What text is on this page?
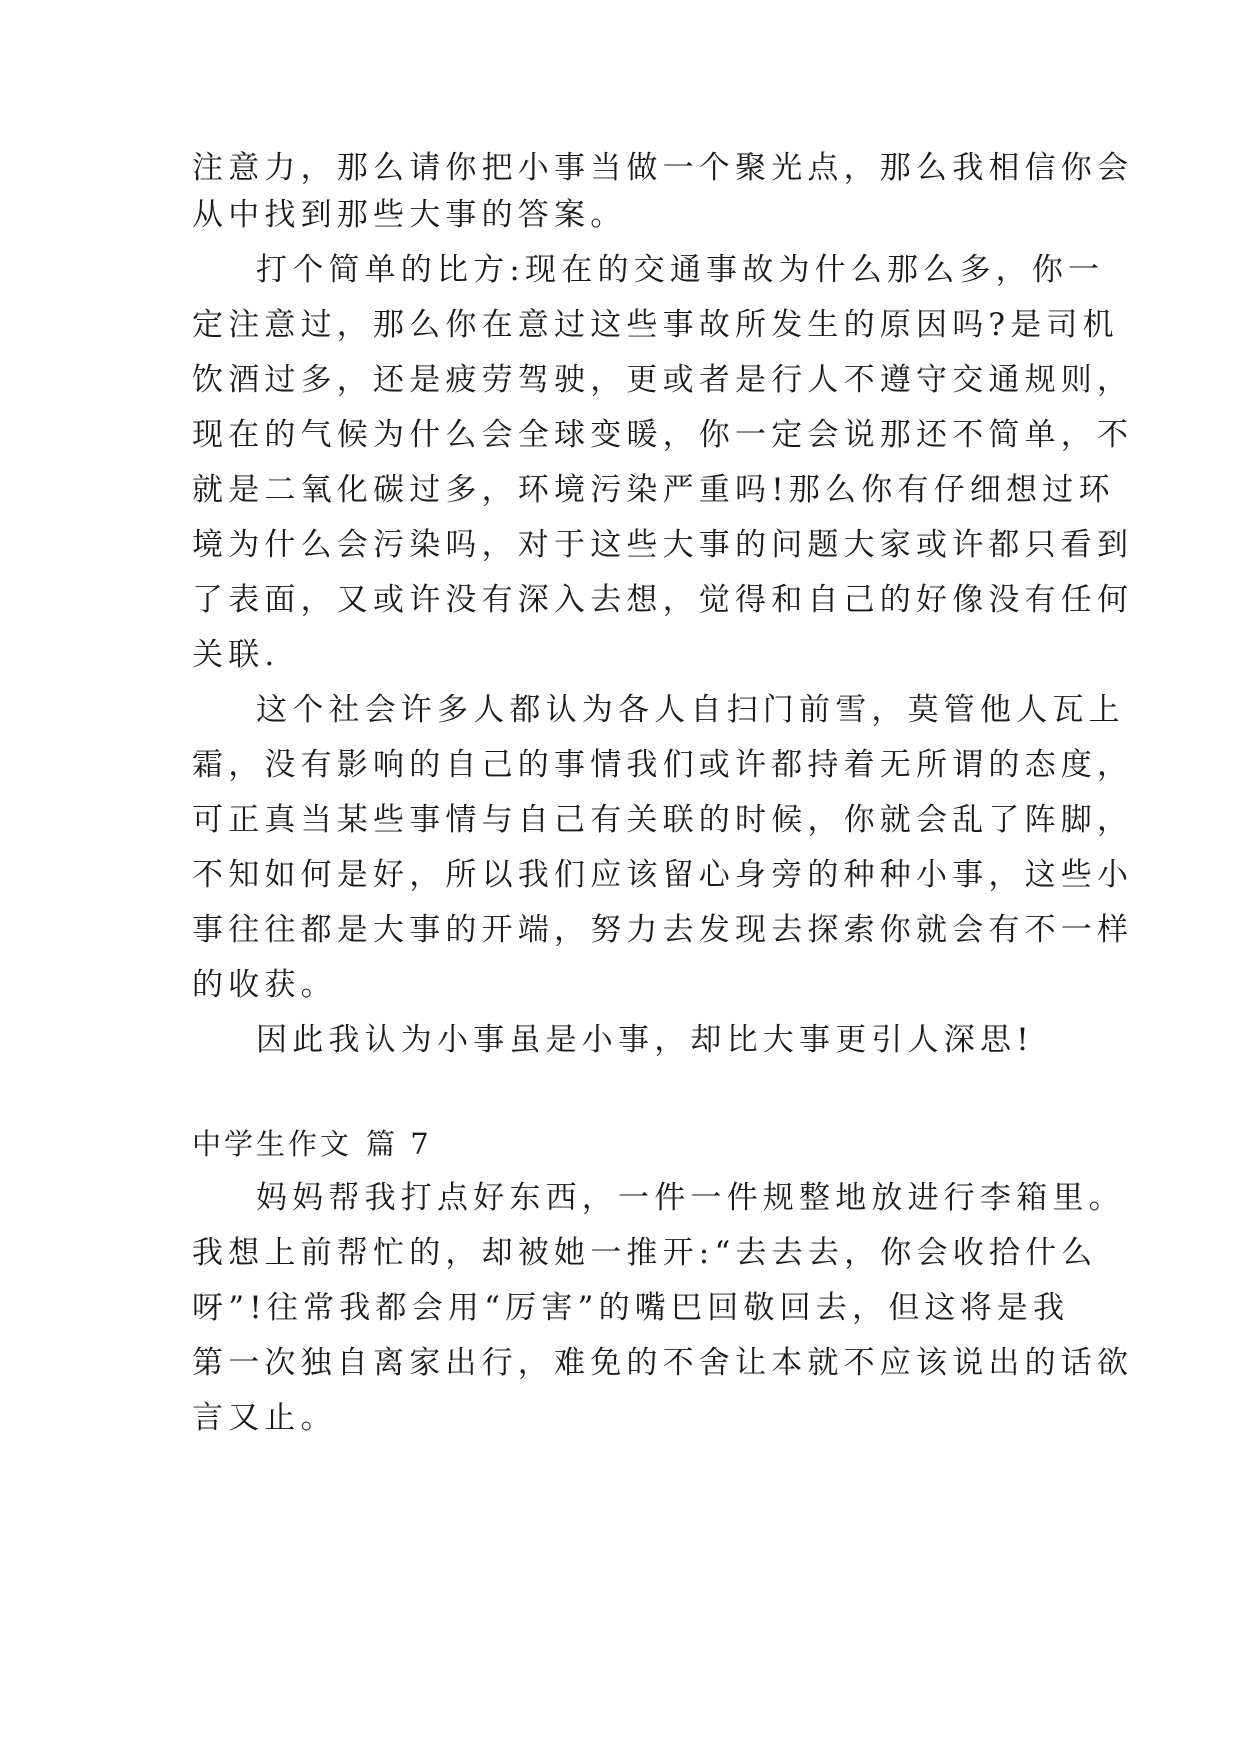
注意力，那么请你把小事当做一个聚光点，那么我相信你会
从中找到那些大事的答案。
打个简单的比方:现在的交通事故为什么那么多，你一
定注意过，那么你在意过这些事故所发生的原因吗?是司机
饮酒过多，还是疲劳驾驶，更或者是行人不遵守交通规则，
现在的气候为什么会全球变暖，你一定会说那还不简单，不
就是二氧化碳过多，环境污染严重吗!那么你有仔细想过环
境为什么会污染吗，对于这些大事的问题大家或许都只看到
了表面，又或许没有深入去想，觉得和自己的好像没有任何
关联.
这个社会许多人都认为各人自扫门前雪，莫管他人瓦上
霜，没有影响的自己的事情我们或许都持着无所谓的态度，
可正真当某些事情与自己有关联的时候，你就会乱了阵脚，
不知如何是好，所以我们应该留心身旁的种种小事，这些小
事往往都是大事的开端，努力去发现去探索你就会有不一样
的收获。
因此我认为小事虽是小事，却比大事更引人深思!
中学生作文 篇 7
妈妈帮我打点好东西，一件一件规整地放进行李箱里。
我想上前帮忙的，却被她一推开:“去去去，你会收拾什么
呀”!往常我都会用“厉害”的嘴巴回敬回去，但这将是我
第一次独自离家出行，难免的不舍让本就不应该说出的话欲
言又止。
